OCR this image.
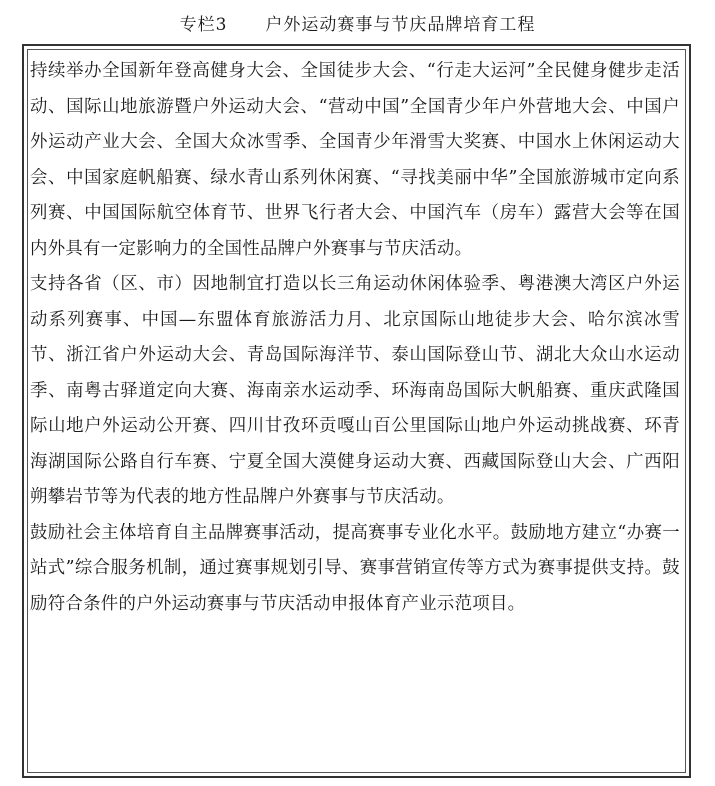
专栏3 户外运动赛事与节庆品牌培育工程

持续举办全国新年登高健身大会、全国徒步大会、“行走大运河”全民健身健步走活动、国际山地旅游暨户外运动大会、“营动中国”全国青少年户外营地大会、中国户外运动产业大会、全国大众冰雪季、全国青少年滑雪大奖赛、中国水上休闲运动大会、中国家庭帆船赛、绿水青山系列休闲赛、“寻找美丽中华”全国旅游城市定向系列赛、中国国际航空体育节、世界飞行者大会、中国汽车（房车）露营大会等在国内外具有一定影响力的全国性品牌户外赛事与节庆活动。

支持各省（区、市）因地制宜打造以长三角运动休闲体验季、粤港澳大湾区户外运动系列赛事、中国—东盟体育旅游活力月、北京国际山地徒步大会、哈尔滨冰雪节、浙江省户外运动大会、青岛国际海洋节、泰山国际登山节、湖北大众山水运动季、南粤古驿道定向大赛、海南亲水运动季、环海南岛国际大帆船赛、重庆武隆国际山地户外运动公开赛、四川甘孜环贡嘎山百公里国际山地户外运动挑战赛、环青海湖国际公路自行车赛、宁夏全国大漠健身运动大赛、西藏国际登山大会、广西阳朔攀岩节等为代表的地方性品牌户外赛事与节庆活动。

鼓励社会主体培育自主品牌赛事活动，提高赛事专业化水平。鼓励地方建立“办赛一站式”综合服务机制，通过赛事规划引导、赛事营销宣传等方式为赛事提供支持。鼓励符合条件的户外运动赛事与节庆活动申报体育产业示范项目。
